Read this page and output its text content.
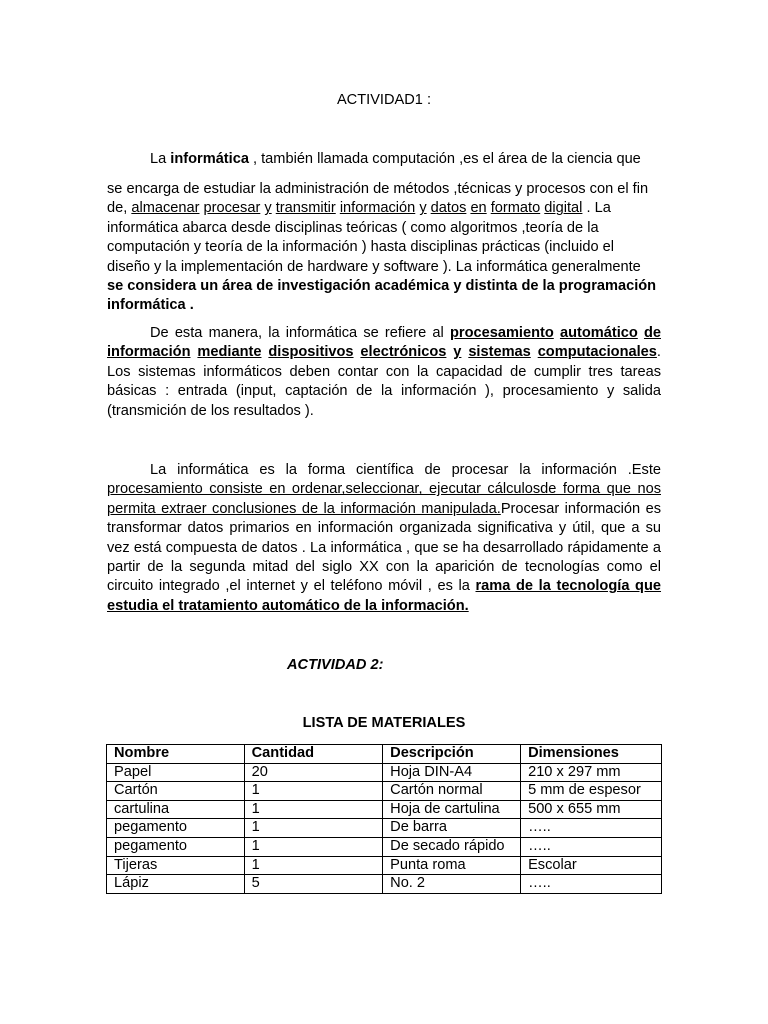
ACTIVIDAD1 :

La informática , también llamada computación ,es el área de la ciencia que

se encarga de estudiar la administración de métodos ,técnicas y procesos con el fin de, almacenar procesar y transmitir información y datos en formato digital . La informática abarca desde disciplinas teóricas ( como algoritmos ,teoría de la computación y teoría de la información ) hasta disciplinas prácticas (incluido el diseño y la implementación de hardware y software ). La informática generalmente se considera un área de investigación académica y distinta de la programación informática .

De esta manera, la informática se refiere al procesamiento automático de información mediante dispositivos electrónicos y sistemas computacionales. Los sistemas informáticos deben contar con la capacidad de cumplir tres tareas básicas : entrada (input, captación de la información ), procesamiento y salida (transmición de los resultados ).

La informática es la forma científica de procesar la información .Este procesamiento consiste en ordenar,seleccionar, ejecutar cálculosde forma que nos permita extraer conclusiones de la información manipulada.Procesar información es transformar datos primarios en información organizada significativa y útil, que a su vez está compuesta de datos . La informática , que se ha desarrollado rápidamente a partir de la segunda mitad del siglo XX con la aparición de tecnologías como el circuito integrado ,el internet y el teléfono móvil , es la rama de la tecnología que estudia el tratamiento automático de la información.

ACTIVIDAD 2:

LISTA DE MATERIALES

Nombre	Cantidad	Descripción	Dimensiones
Papel	20	Hoja DIN-A4	210 x 297 mm
Cartón	1	Cartón normal	5 mm de espesor
cartulina	1	Hoja de cartulina	500 x 655 mm
pegamento	1	De barra	…..
pegamento	1	De secado rápido	…..
Tijeras	1	Punta roma	Escolar
Lápiz	5	No. 2	…..
